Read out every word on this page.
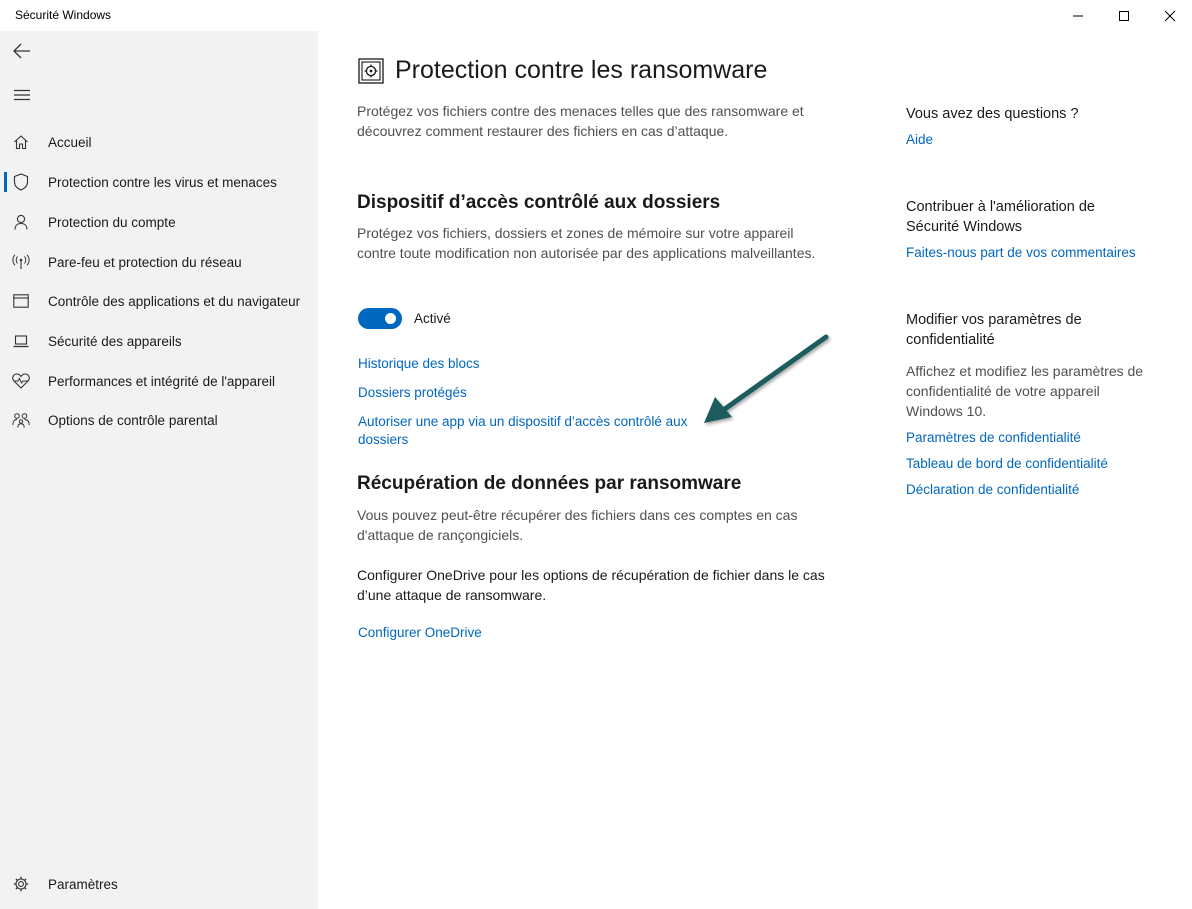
Sécurité Windows
Accueil
Protection contre les virus et menaces
Protection du compte
Pare-feu et protection du réseau
Contrôle des applications et du navigateur
Sécurité des appareils
Performances et intégrité de l'appareil
Options de contrôle parental
Paramètres
Protection contre les ransomware

Protégez vos fichiers contre des menaces telles que des ransomware et découvrez comment restaurer des fichiers en cas d’attaque.

Dispositif d’accès contrôlé aux dossiers

Protégez vos fichiers, dossiers et zones de mémoire sur votre appareil contre toute modification non autorisée par des applications malveillantes.

Activé
Historique des blocs
Dossiers protégés
Autoriser une app via un dispositif d’accès contrôlé aux dossiers
Récupération de données par ransomware

Vous pouvez peut-être récupérer des fichiers dans ces comptes en cas d'attaque de rançongiciels.

Configurer OneDrive pour les options de récupération de fichier dans le cas d’une attaque de ransomware.

Configurer OneDrive

Vous avez des questions ?

Aide

Contribuer à l'amélioration de Sécurité Windows

Faites-nous part de vos commentaires

Modifier vos paramètres de confidentialité

Affichez et modifiez les paramètres de confidentialité de votre appareil Windows 10.

Paramètres de confidentialité
Tableau de bord de confidentialité
Déclaration de confidentialité
